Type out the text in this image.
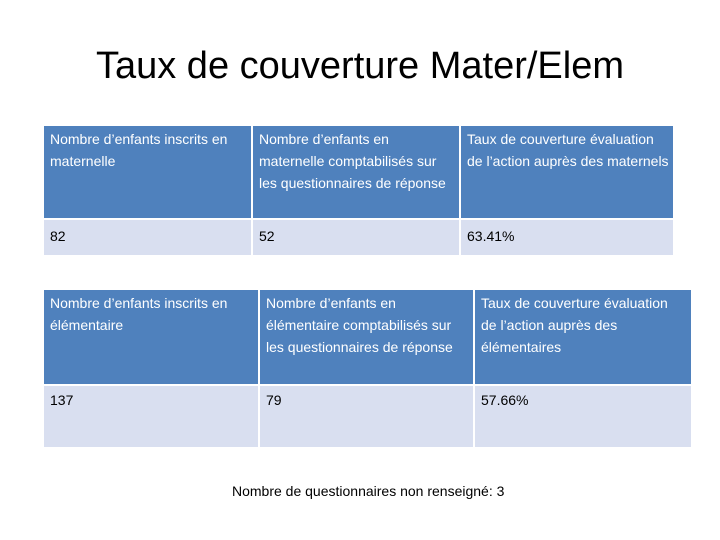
Taux de couverture Mater/Elem
Nombre d’enfants inscrits en maternelle	Nombre d’enfants en maternelle comptabilisés sur les questionnaires de réponse	Taux de couverture évaluation de l’action auprès des maternels
82	52	63.41%
Nombre d’enfants inscrits en élémentaire	Nombre d’enfants en élémentaire comptabilisés sur les questionnaires de réponse	Taux de couverture évaluation de l’action auprès des élémentaires
137	79	57.66%
Nombre de questionnaires non renseigné: 3
